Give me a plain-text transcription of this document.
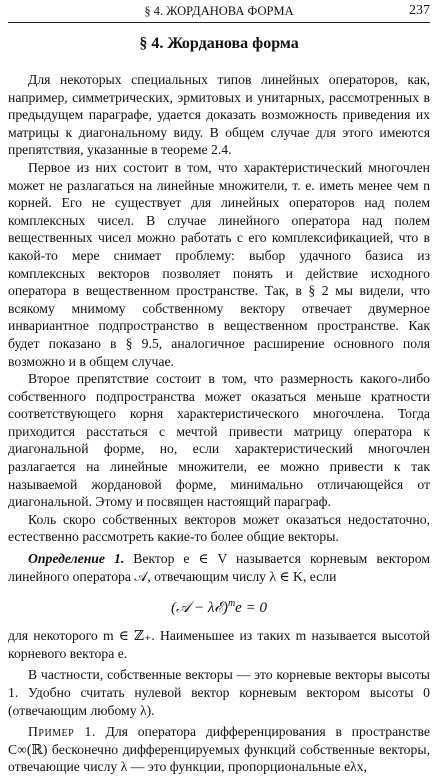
§ 4. ЖОРДАНОВА ФОРМА	237
§ 4. Жорданова форма

Для некоторых специальных типов линейных операторов, как, например, симметрических, эрмитовых и унитарных, рассмотренных в предыдущем параграфе, удается доказать возможность приведения их матрицы к диагональному виду. В общем случае для этого имеются препятствия, указанные в теореме 2.4.

Первое из них состоит в том, что характеристический многочлен может не разлагаться на линейные множители, т. е. иметь менее чем n корней. Его не существует для линейных операторов над полем комплексных чисел. В случае линейного оператора над полем вещественных чисел можно работать с его комплексификацией, что в какой-то мере снимает проблему: выбор удачного базиса из комплексных векторов позволяет понять и действие исходного оператора в вещественном пространстве. Так, в § 2 мы видели, что всякому мнимому собственному вектору отвечает двумерное инвариантное подпространство в вещественном пространстве. Как будет показано в § 9.5, аналогичное расширение основного поля возможно и в общем случае.

Второе препятствие состоит в том, что размерность какого-либо собственного подпространства может оказаться меньше кратности соответствующего корня характеристического многочлена. Тогда приходится расстаться с мечтой привести матрицу оператора к диагональной форме, но, если характеристический многочлен разлагается на линейные множители, ее можно привести к так называемой жордановой форме, минимально отличающейся от диагональной. Этому и посвящен настоящий параграф.

Коль скоро собственных векторов может оказаться недостаточно, естественно рассмотреть какие-то более общие векторы.

Определение 1. Вектор e ∈ V называется корневым вектором линейного оператора 𝒜, отвечающим числу λ ∈ K, если

(𝒜 − λℰ)$^m$e = 0

для некоторого m ∈ ℤ₊. Наименьшее из таких m называется высотой корневого вектора e.

В частности, собственные векторы — это корневые векторы высоты 1. Удобно считать нулевой вектор корневым вектором высоты 0 (отвечающим любому λ).

Пример 1. Для оператора дифференцирования в пространстве C∞(ℝ) бесконечно дифференцируемых функций собственные векторы, отвечающие числу λ — это функции, пропорциональные eλx,
